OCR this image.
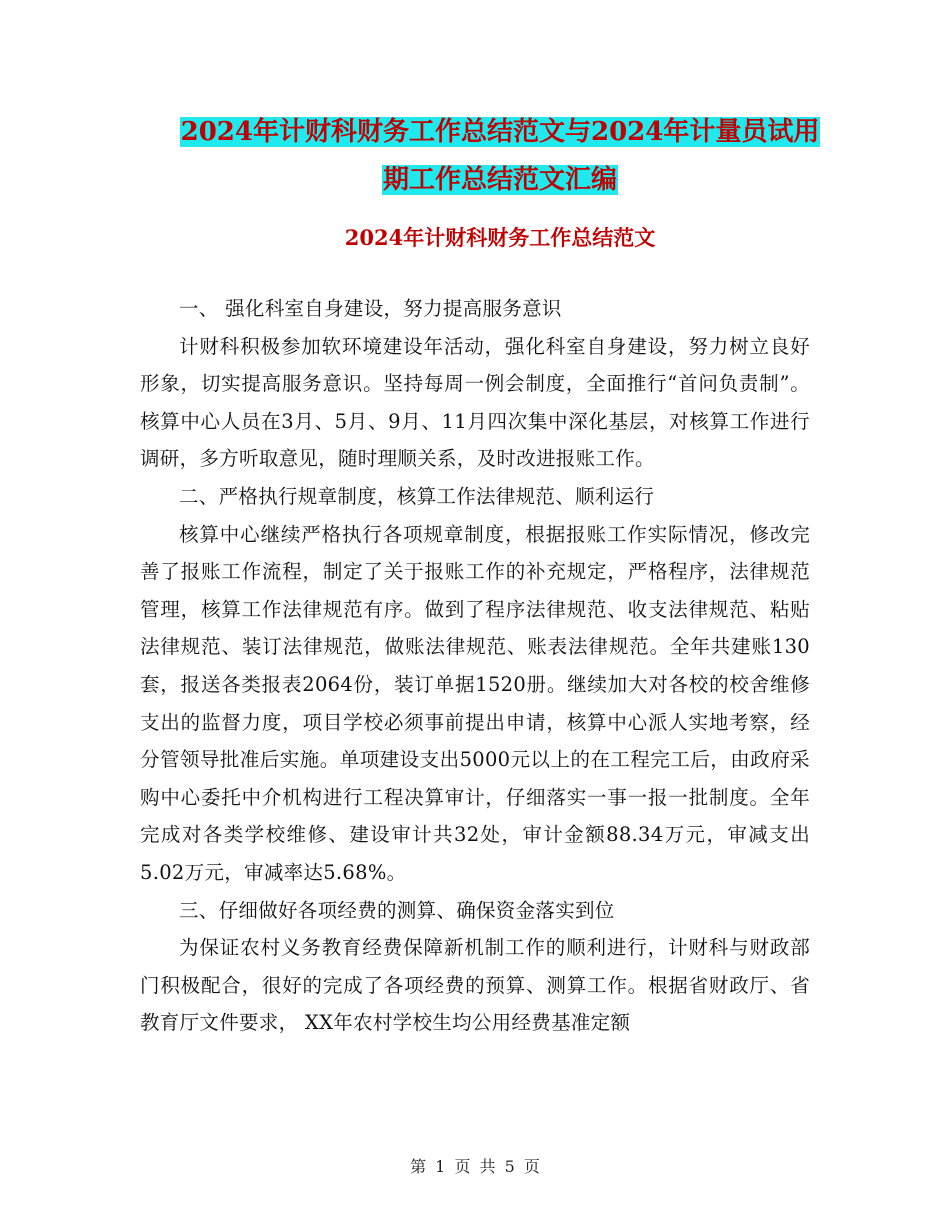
2024年计财科财务工作总结范文与2024年计量员试用
期工作总结范文汇编
2024年计财科财务工作总结范文

一、 强化科室自身建设，努力提高服务意识

计财科积极参加软环境建设年活动，强化科室自身建设，努力树立良好形象，切实提高服务意识。坚持每周一例会制度，全面推行“首问负责制”。核算中心人员在3月、5月、9月、11月四次集中深化基层，对核算工作进行调研，多方听取意见，随时理顺关系，及时改进报账工作。

二、严格执行规章制度，核算工作法律规范、顺利运行

核算中心继续严格执行各项规章制度，根据报账工作实际情况，修改完善了报账工作流程，制定了关于报账工作的补充规定，严格程序，法律规范管理，核算工作法律规范有序。做到了程序法律规范、收支法律规范、粘贴法律规范、装订法律规范，做账法律规范、账表法律规范。全年共建账130套，报送各类报表2064份，装订单据1520册。继续加大对各校的校舍维修支出的监督力度，项目学校必须事前提出申请，核算中心派人实地考察，经分管领导批准后实施。单项建设支出5000元以上的在工程完工后，由政府采购中心委托中介机构进行工程决算审计，仔细落实一事一报一批制度。全年完成对各类学校维修、建设审计共32处，审计金额88.34万元，审减支出5.02万元，审减率达5.68%。

三、仔细做好各项经费的测算、确保资金落实到位

为保证农村义务教育经费保障新机制工作的顺利进行，计财科与财政部门积极配合，很好的完成了各项经费的预算、测算工作。根据省财政厅、省教育厅文件要求， XX年农村学校生均公用经费基准定额

第 1 页 共 5 页
